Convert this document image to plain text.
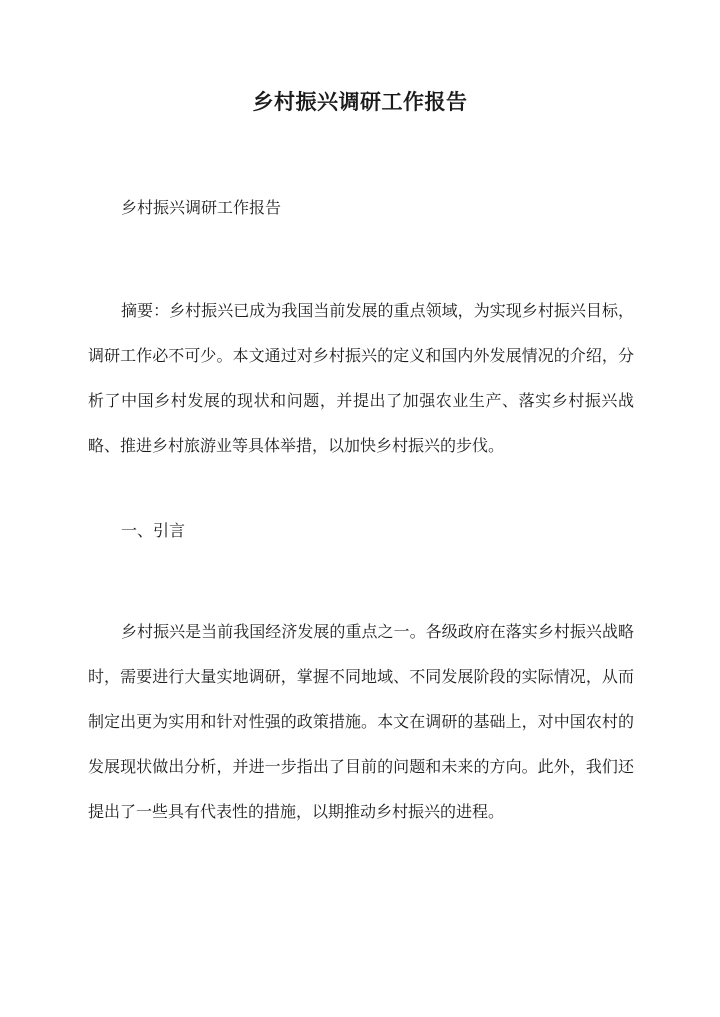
乡村振兴调研工作报告

乡村振兴调研工作报告

摘要：乡村振兴已成为我国当前发展的重点领域，为实现乡村振兴目标，调研工作必不可少。本文通过对乡村振兴的定义和国内外发展情况的介绍，分析了中国乡村发展的现状和问题，并提出了加强农业生产、落实乡村振兴战略、推进乡村旅游业等具体举措，以加快乡村振兴的步伐。

一、引言

乡村振兴是当前我国经济发展的重点之一。各级政府在落实乡村振兴战略时，需要进行大量实地调研，掌握不同地域、不同发展阶段的实际情况，从而制定出更为实用和针对性强的政策措施。本文在调研的基础上，对中国农村的发展现状做出分析，并进一步指出了目前的问题和未来的方向。此外，我们还提出了一些具有代表性的措施，以期推动乡村振兴的进程。
